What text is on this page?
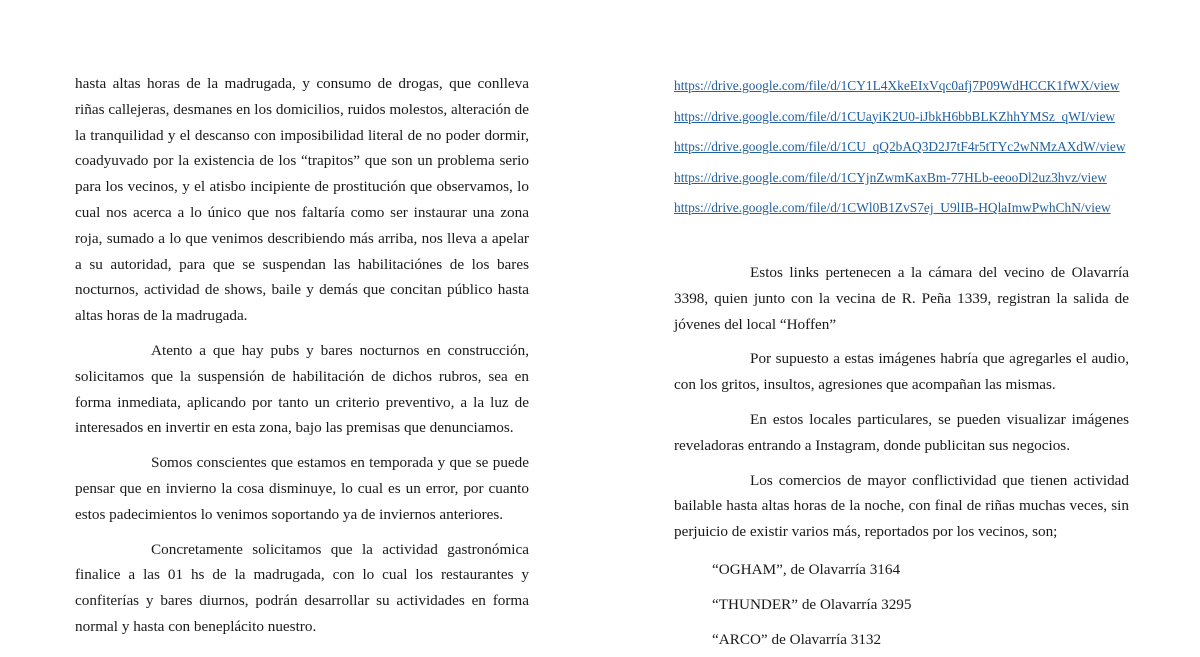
hasta altas horas de la madrugada, y consumo de drogas, que conlleva riñas callejeras, desmanes en los domicilios, ruidos molestos, alteración de la tranquilidad y el descanso con imposibilidad literal de no poder dormir, coadyuvado por la existencia de los “trapitos” que son un problema serio para los vecinos, y el atisbo incipiente de prostitución que observamos, lo cual nos acerca a lo único que nos faltaría como ser instaurar una zona roja, sumado a lo que venimos describiendo más arriba, nos lleva a apelar a su autoridad, para que se suspendan las habilitaciónes de los bares nocturnos, actividad de shows, baile y demás que concitan público hasta altas horas de la madrugada.

Atento a que hay pubs y bares nocturnos en construcción, solicitamos que la suspensión de habilitación de dichos rubros, sea en forma inmediata, aplicando por tanto un criterio preventivo, a la luz de interesados en invertir en esta zona, bajo las premisas que denunciamos.

Somos conscientes que estamos en temporada y que se puede pensar que en invierno la cosa disminuye, lo cual es un error, por cuanto estos padecimientos lo venimos soportando ya de inviernos anteriores.

Concretamente solicitamos que la actividad gastronómica finalice a las 01 hs de la madrugada, con lo cual los restaurantes y confiterías y bares diurnos, podrán desarrollar su actividades en forma normal y hasta con beneplácito nuestro.

https://drive.google.com/file/d/1CY1L4XkeEIxVqc0afj7P09WdHCCK1fWX/view
https://drive.google.com/file/d/1CUayiK2U0-iJbkH6bbBLKZhhYMSz_qWI/view
https://drive.google.com/file/d/1CU_qQ2bAQ3D2J7tF4r5tTYc2wNMzAXdW/view
https://drive.google.com/file/d/1CYjnZwmKaxBm-77HLb-eeooDl2uz3hvz/view
https://drive.google.com/file/d/1CWl0B1ZvS7ej_U9lIB-HQlaImwPwhChN/view

Estos links pertenecen a la cámara del vecino de Olavarría 3398, quien junto con la vecina de R. Peña 1339, registran la salida de jóvenes del local “Hoffen”

Por supuesto a estas imágenes habría que agregarles el audio, con los gritos, insultos, agresiones que acompañan las mismas.

En estos locales particulares, se pueden visualizar imágenes reveladoras entrando a Instagram, donde publicitan sus negocios.

Los comercios de mayor conflictividad que tienen actividad bailable hasta altas horas de la noche, con final de riñas muchas veces, sin perjuicio de existir varios más, reportados por los vecinos, son;

“OGHAM”, de Olavarría 3164

“THUNDER” de Olavarría 3295

“ARCO” de Olavarría 3132
